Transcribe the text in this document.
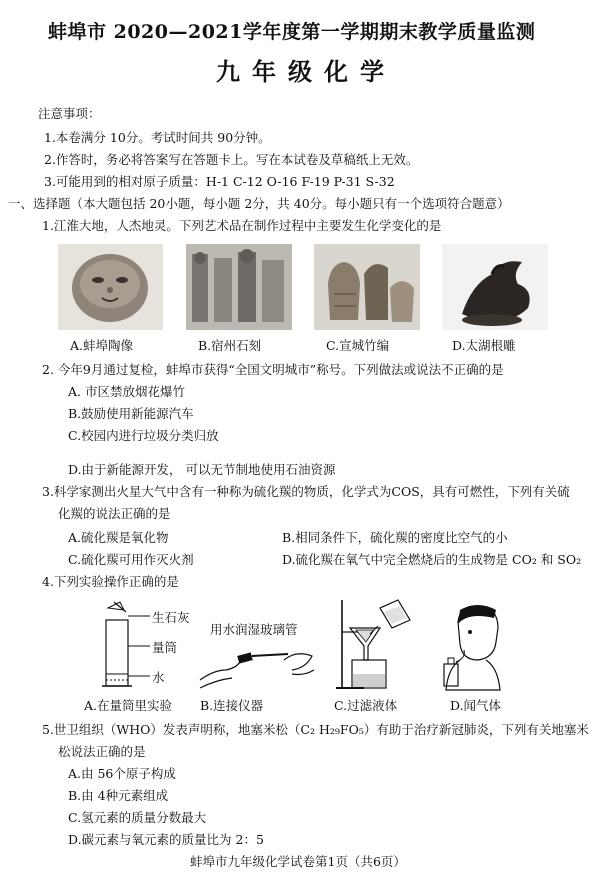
蚌埠市 2020—2021学年度第一学期期末教学质量监测
九年级化学
注意事项：
1.本卷满分 10分。考试时间共 90分钟。
2.作答时，务必将答案写在答题卡上。写在本试卷及草稿纸上无效。
3.可能用到的相对原子质量：H-1 C-12 O-16 F-19 P-31 S-32
一、选择题（本大题包括 20小题，每小题 2分，共 40分。每小题只有一个选项符合题意）
1.江淮大地，人杰地灵。下列艺术品在制作过程中主要发生化学变化的是
A.蚌埠陶像	B.宿州石刻	C.宣城竹编	D.太湖根雕
2. 今年9月通过复检，蚌埠市获得“全国文明城市”称号。下列做法或说法不正确的是
A. 市区禁放烟花爆竹
B.鼓励使用新能源汽车
C.校园内进行垃圾分类归放
D.由于新能源开发， 可以无节制地使用石油资源
3.科学家测出火星大气中含有一种称为硫化羰的物质，化学式为COS，具有可燃性，下列有关硫
化羰的说法正确的是
A.硫化羰是氧化物	B.相同条件下，硫化羰的密度比空气的小
C.硫化羰可用作灭火剂	D.硫化羰在氧气中完全燃烧后的生成物是 CO₂ 和 SO₂
4.下列实验操作正确的是
生石灰
量筒
水
用水润湿玻璃管
A.在量筒里实验 B.连接仪器	C.过滤液体	D.闻气体
5.世卫组织（WHO）发表声明称，地塞米松（C₂ H₂₉FO₅）有助于治疗新冠肺炎，下列有关地塞米
松说法正确的是
A.由 56个原子构成
B.由 4种元素组成
C.氢元素的质量分数最大
D.碳元素与氧元素的质量比为 2：5
蚌埠市九年级化学试卷第1页（共6页）
